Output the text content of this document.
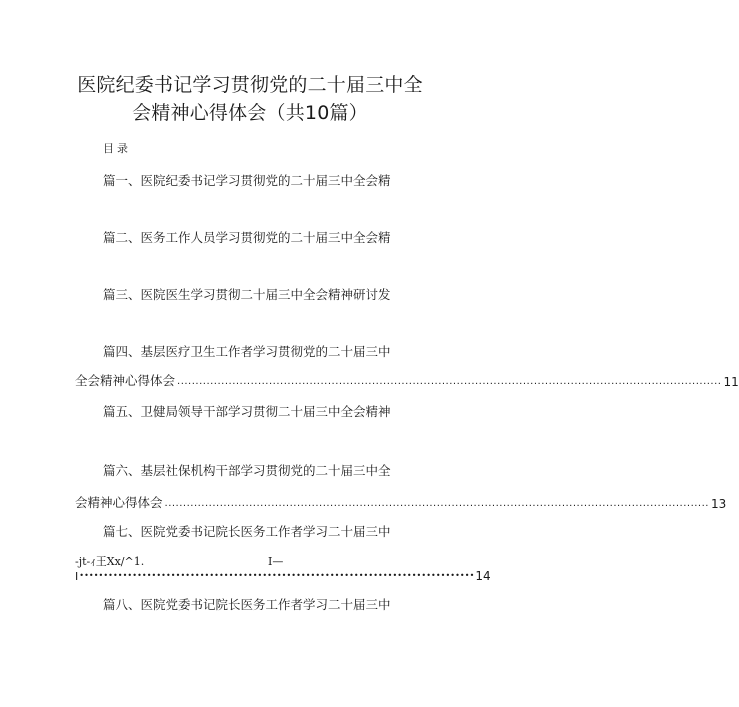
医院纪委书记学习贯彻党的二十届三中全
会精神心得体会（共10篇）
目录
篇一、医院纪委书记学习贯彻党的二十届三中全会精
篇二、医务工作人员学习贯彻党的二十届三中全会精
篇三、医院医生学习贯彻二十届三中全会精神研讨发
篇四、基层医疗卫生工作者学习贯彻党的二十届三中
全会精神心得体会 .................................................................................................................................................... 11
篇五、卫健局领导干部学习贯彻二十届三中全会精神
篇六、基层社保机构干部学习贯彻党的二十届三中全
会精神心得体会 .................................................................................................................................................... 13
篇七、医院党委书记院长医务工作者学习二十届三中
-jt-ｨ王Xx/^1.	I—
I •••••••••••••••••••••••••••••••••••••••••••••••••••••••••••••••••••••••••••••••••• 14
篇八、医院党委书记院长医务工作者学习二十届三中
